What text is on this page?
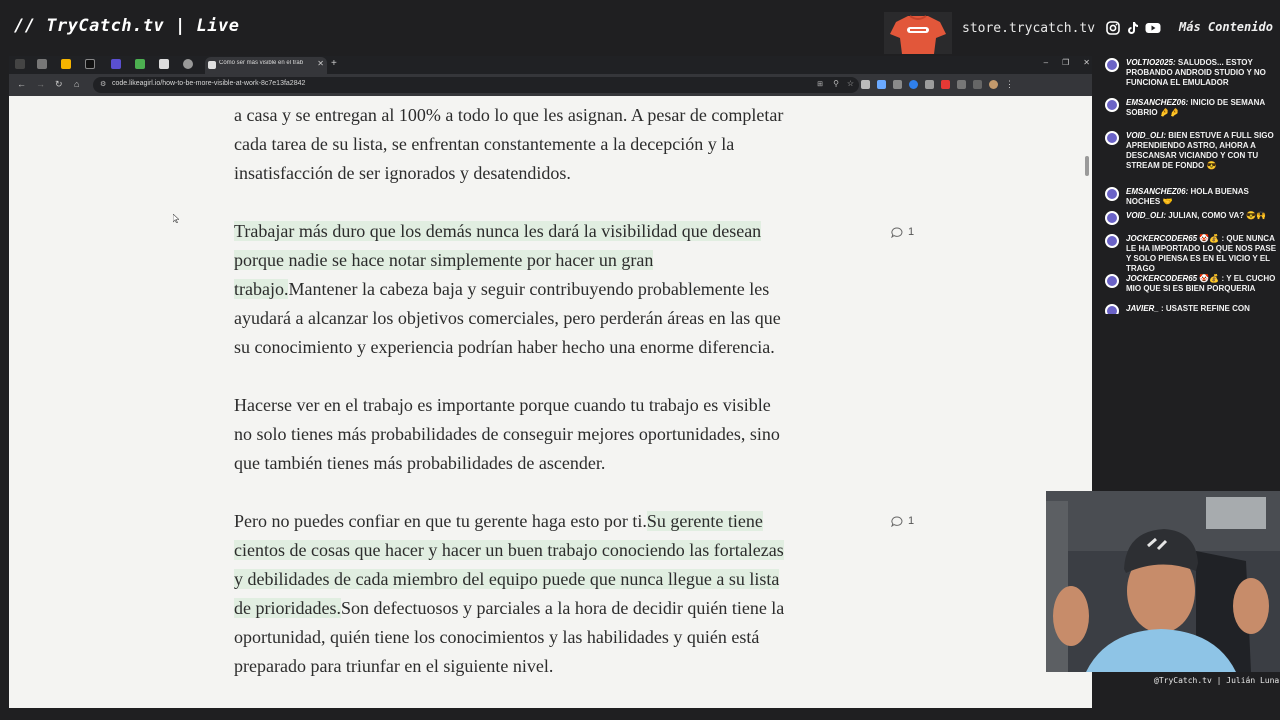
// TryCatch.tv | Live	store.trycatch.tv	Más Contenido
Cómo ser más visible en el trab	✕ +	– ❐ ✕
← → ↻ ⌂	⚙ code.likeagirl.io/how-to-be-more-visible-at-work-8c7e13fa2842	⊞ ⚲ ☆	⋮
a casa y se entregan al 100% a todo lo que les asignan. A pesar de completar
cada tarea de su lista, se enfrentan constantemente a la decepción y la
insatisfacción de ser ignorados y desatendidos.
Trabajar más duro que los demás nunca les dará la visibilidad que desean
porque nadie se hace notar simplemente por hacer un gran
trabajo.Mantener la cabeza baja y seguir contribuyendo probablemente les
ayudará a alcanzar los objetivos comerciales, pero perderán áreas en las que
su conocimiento y experiencia podrían haber hecho una enorme diferencia.
1
Hacerse ver en el trabajo es importante porque cuando tu trabajo es visible
no solo tienes más probabilidades de conseguir mejores oportunidades, sino
que también tienes más probabilidades de ascender.
Pero no puedes confiar en que tu gerente haga esto por ti.Su gerente tiene
cientos de cosas que hacer y hacer un buen trabajo conociendo las fortalezas
y debilidades de cada miembro del equipo puede que nunca llegue a su lista
de prioridades.Son defectuosos y parciales a la hora de decidir quién tiene la
oportunidad, quién tiene los conocimientos y las habilidades y quién está
preparado para triunfar en el siguiente nivel.
1
VOLTIO2025: SALUDOS... ESTOY PROBANDO ANDROID STUDIO Y NO FUNCIONA EL EMULADOR
EMSANCHEZ06: INICIO DE SEMANA SOBRIO 🤌🤌
VOID_OLI: BIEN ESTUVE A FULL SIGO APRENDIENDO ASTRO, AHORA A DESCANSAR VICIANDO Y CON TU STREAM DE FONDO 😎
EMSANCHEZ06: HOLA BUENAS NOCHES 🤝
VOID_OLI: JULIAN, COMO VA? 😎🙌
JOCKERCODER65 🤡💰 : QUE NUNCA LE HA IMPORTADO LO QUE NOS PASE Y SOLO PIENSA ES EN EL VICIO Y EL TRAGO
JOCKERCODER65 🤡💰 : Y EL CUCHO MIO QUE SI ES BIEN PORQUERIA
JAVIER_ : USASTE REFINE CON
@TryCatch.tv | Julián Luna
